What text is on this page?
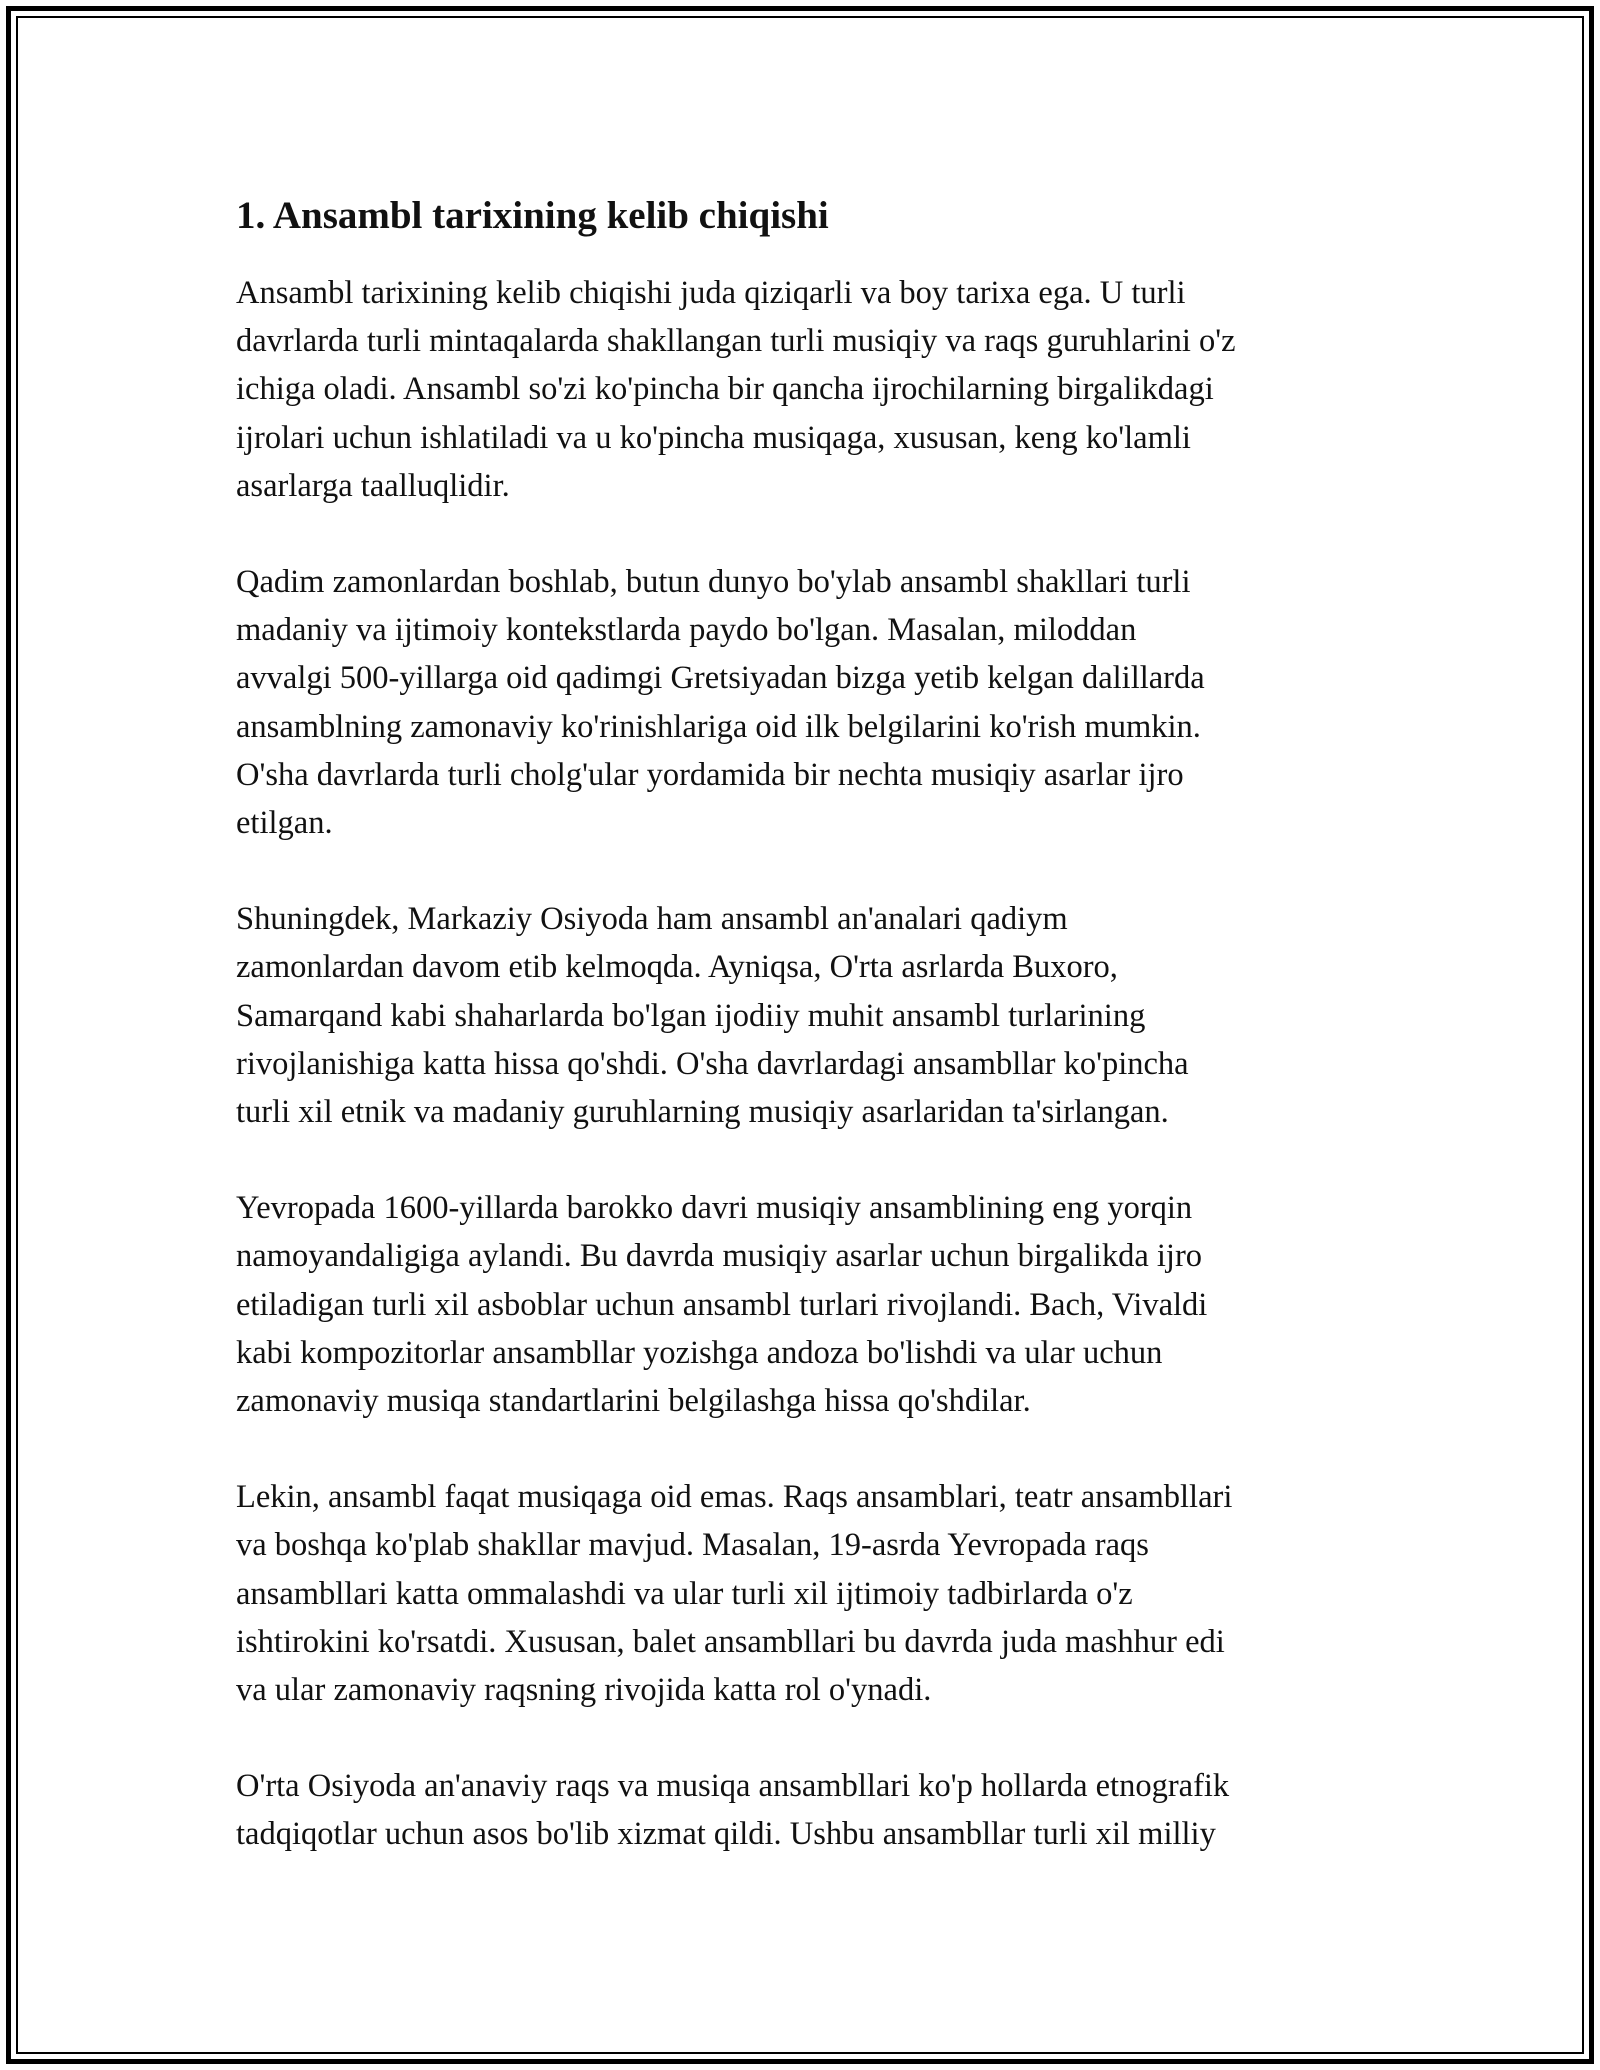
1. Ansambl tarixining kelib chiqishi

Ansambl tarixining kelib chiqishi juda qiziqarli va boy tarixa ega. U turli
davrlarda turli mintaqalarda shakllangan turli musiqiy va raqs guruhlarini o'z
ichiga oladi. Ansambl so'zi ko'pincha bir qancha ijrochilarning birgalikdagi
ijrolari uchun ishlatiladi va u ko'pincha musiqaga, xususan, keng ko'lamli
asarlarga taalluqlidir.

Qadim zamonlardan boshlab, butun dunyo bo'ylab ansambl shakllari turli
madaniy va ijtimoiy kontekstlarda paydo bo'lgan. Masalan, miloddan
avvalgi 500-yillarga oid qadimgi Gretsiyadan bizga yetib kelgan dalillarda
ansamblning zamonaviy ko'rinishlariga oid ilk belgilarini ko'rish mumkin.
O'sha davrlarda turli cholg'ular yordamida bir nechta musiqiy asarlar ijro
etilgan.

Shuningdek, Markaziy Osiyoda ham ansambl an'analari qadiym
zamonlardan davom etib kelmoqda. Ayniqsa, O'rta asrlarda Buxoro,
Samarqand kabi shaharlarda bo'lgan ijodiiy muhit ansambl turlarining
rivojlanishiga katta hissa qo'shdi. O'sha davrlardagi ansambllar ko'pincha
turli xil etnik va madaniy guruhlarning musiqiy asarlaridan ta'sirlangan.

Yevropada 1600-yillarda barokko davri musiqiy ansamblining eng yorqin
namoyandaligiga aylandi. Bu davrda musiqiy asarlar uchun birgalikda ijro
etiladigan turli xil asboblar uchun ansambl turlari rivojlandi. Bach, Vivaldi
kabi kompozitorlar ansambllar yozishga andoza bo'lishdi va ular uchun
zamonaviy musiqa standartlarini belgilashga hissa qo'shdilar.

Lekin, ansambl faqat musiqaga oid emas. Raqs ansamblari, teatr ansambllari
va boshqa ko'plab shakllar mavjud. Masalan, 19-asrda Yevropada raqs
ansambllari katta ommalashdi va ular turli xil ijtimoiy tadbirlarda o'z
ishtirokini ko'rsatdi. Xususan, balet ansambllari bu davrda juda mashhur edi
va ular zamonaviy raqsning rivojida katta rol o'ynadi.

O'rta Osiyoda an'anaviy raqs va musiqa ansambllari ko'p hollarda etnografik
tadqiqotlar uchun asos bo'lib xizmat qildi. Ushbu ansambllar turli xil milliy
